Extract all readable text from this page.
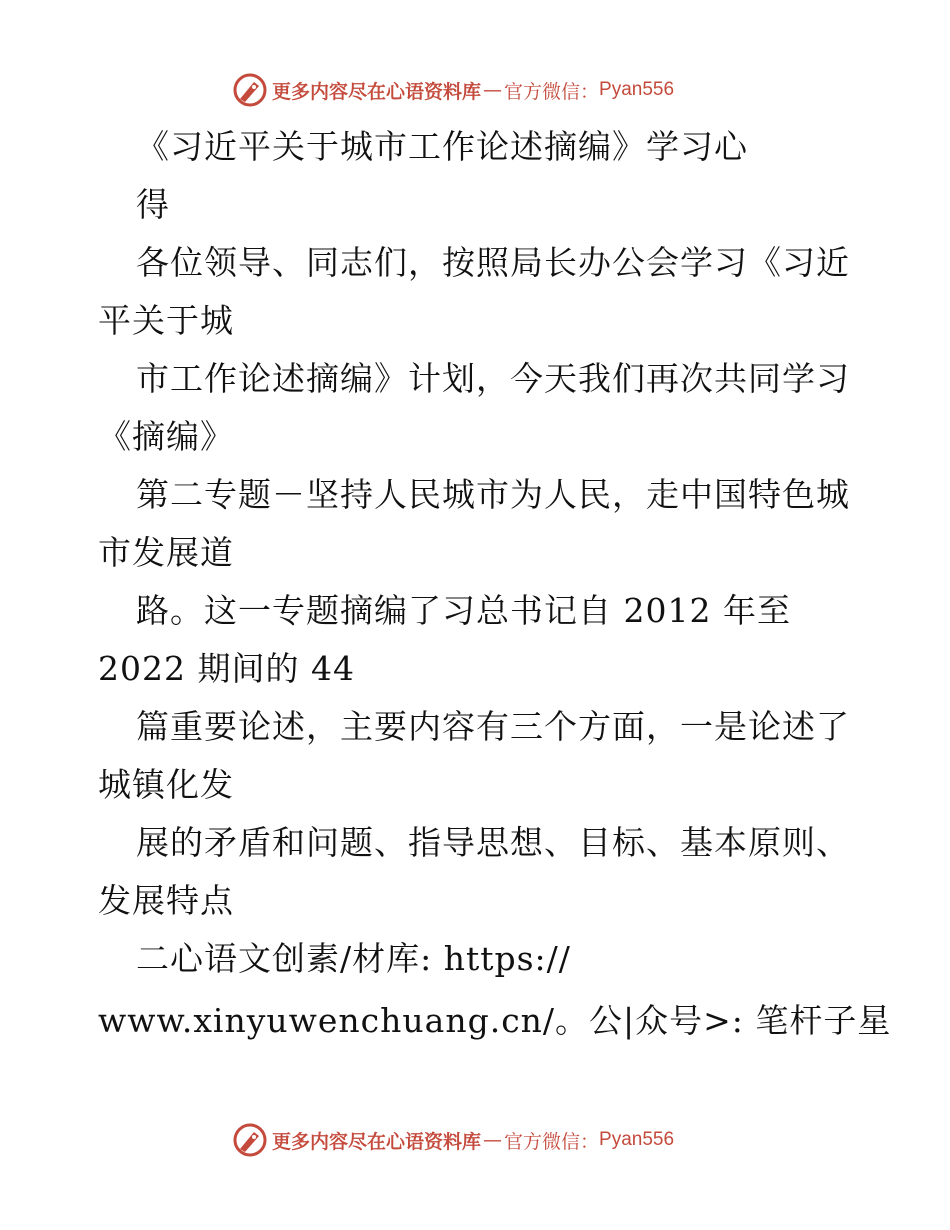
更多内容尽在心语资料库 — 官方微信： Pyan556
《习近平关于城市工作论述摘编》学习心
得
各位领导、同志们，按照局长办公会学习《习近
平关于城
市工作论述摘编》计划，今天我们再次共同学习
《摘编》
第二专题－坚持人民城市为人民，走中国特色城
市发展道
路。这一专题摘编了习总书记自 2012 年至
2022 期间的 44
篇重要论述，主要内容有三个方面，一是论述了
城镇化发
展的矛盾和问题、指导思想、目标、基本原则、
发展特点
二心语文创素/材库: https://
www.xinyuwenchuang.cn/。公|众号>: 笔杆子星
更多内容尽在心语资料库 — 官方微信： Pyan556
